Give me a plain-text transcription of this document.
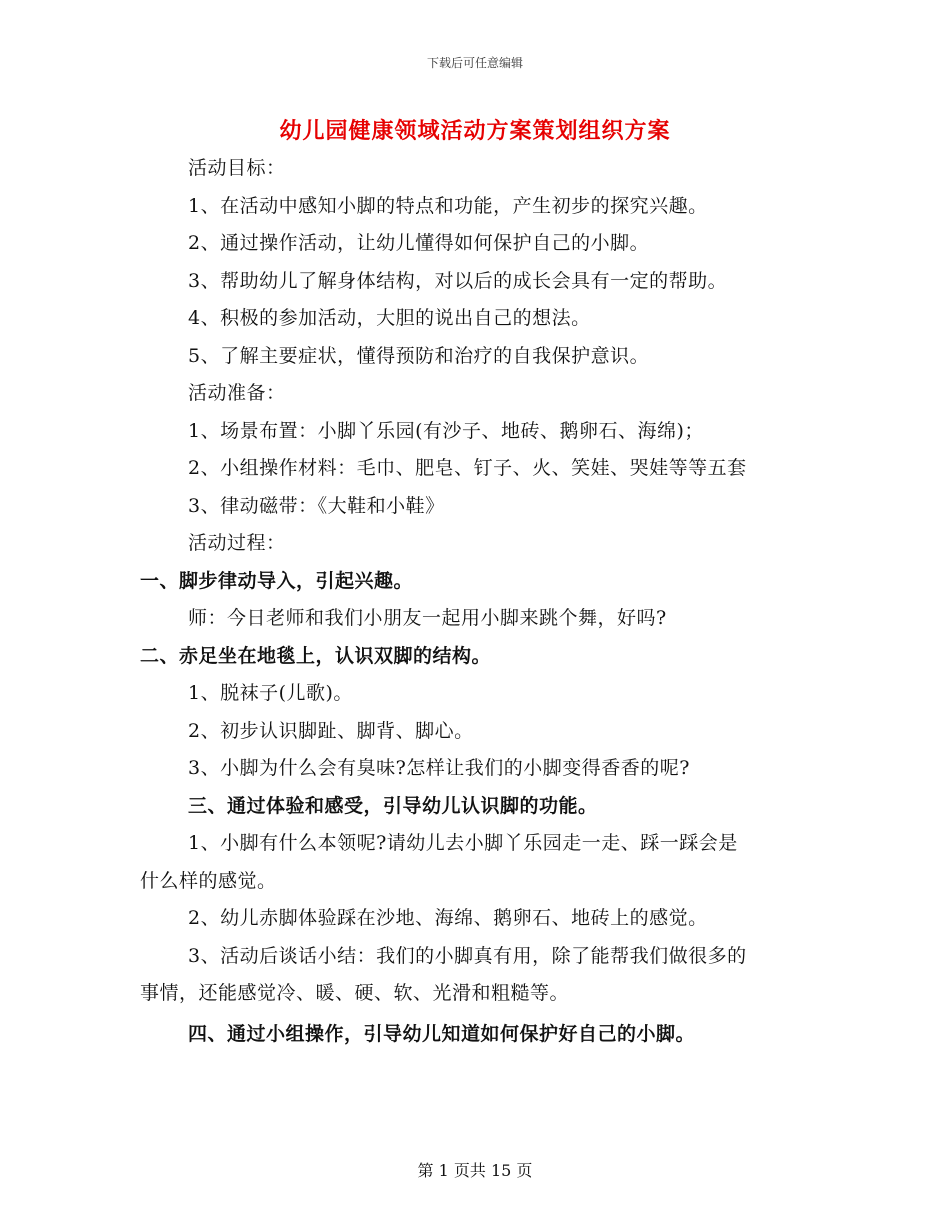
下载后可任意编辑
幼儿园健康领域活动方案策划组织方案
活动目标：
1、在活动中感知小脚的特点和功能，产生初步的探究兴趣。
2、通过操作活动，让幼儿懂得如何保护自己的小脚。
3、帮助幼儿了解身体结构，对以后的成长会具有一定的帮助。
4、积极的参加活动，大胆的说出自己的想法。
5、了解主要症状，懂得预防和治疗的自我保护意识。
活动准备：
1、场景布置：小脚丫乐园(有沙子、地砖、鹅卵石、海绵)；
2、小组操作材料：毛巾、肥皂、钉子、火、笑娃、哭娃等等五套
3、律动磁带：《大鞋和小鞋》
活动过程：
一、脚步律动导入，引起兴趣。
师：今日老师和我们小朋友一起用小脚来跳个舞，好吗?
二、赤足坐在地毯上，认识双脚的结构。
1、脱袜子(儿歌)。
2、初步认识脚趾、脚背、脚心。
3、小脚为什么会有臭味?怎样让我们的小脚变得香香的呢?
三、通过体验和感受，引导幼儿认识脚的功能。
1、小脚有什么本领呢?请幼儿去小脚丫乐园走一走、踩一踩会是
什么样的感觉。
2、幼儿赤脚体验踩在沙地、海绵、鹅卵石、地砖上的感觉。
3、活动后谈话小结：我们的小脚真有用，除了能帮我们做很多的
事情，还能感觉冷、暖、硬、软、光滑和粗糙等。
四、通过小组操作，引导幼儿知道如何保护好自己的小脚。
第 1 页共 15 页
